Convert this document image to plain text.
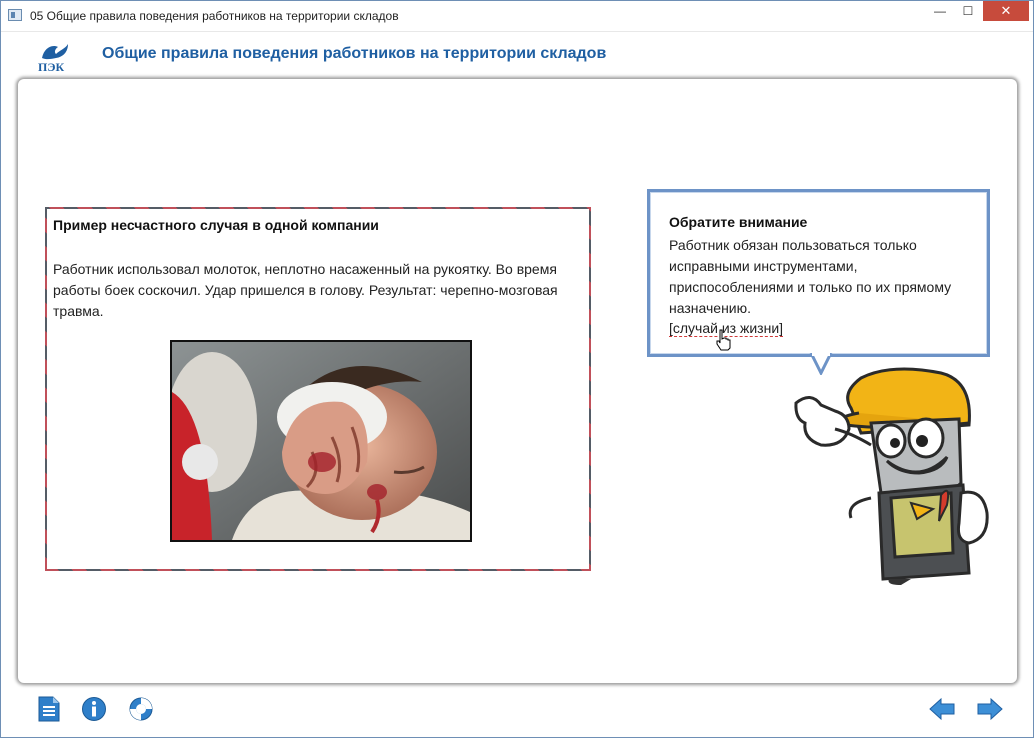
05 Общие правила поведения работников на территории складов	—	☐	✕
ПЭК
Общие правила поведения работников на территории складов
Пример несчастного случая в одной компании
Работник использовал молоток, неплотно насаженный на рукоятку. Во время работы боек соскочил. Удар пришелся в голову. Результат: черепно-мозговая травма.
Обратите внимание
Работник обязан пользоваться только исправными инструментами, приспособлениями и только по их прямому назначению.
[случай из жизни]
